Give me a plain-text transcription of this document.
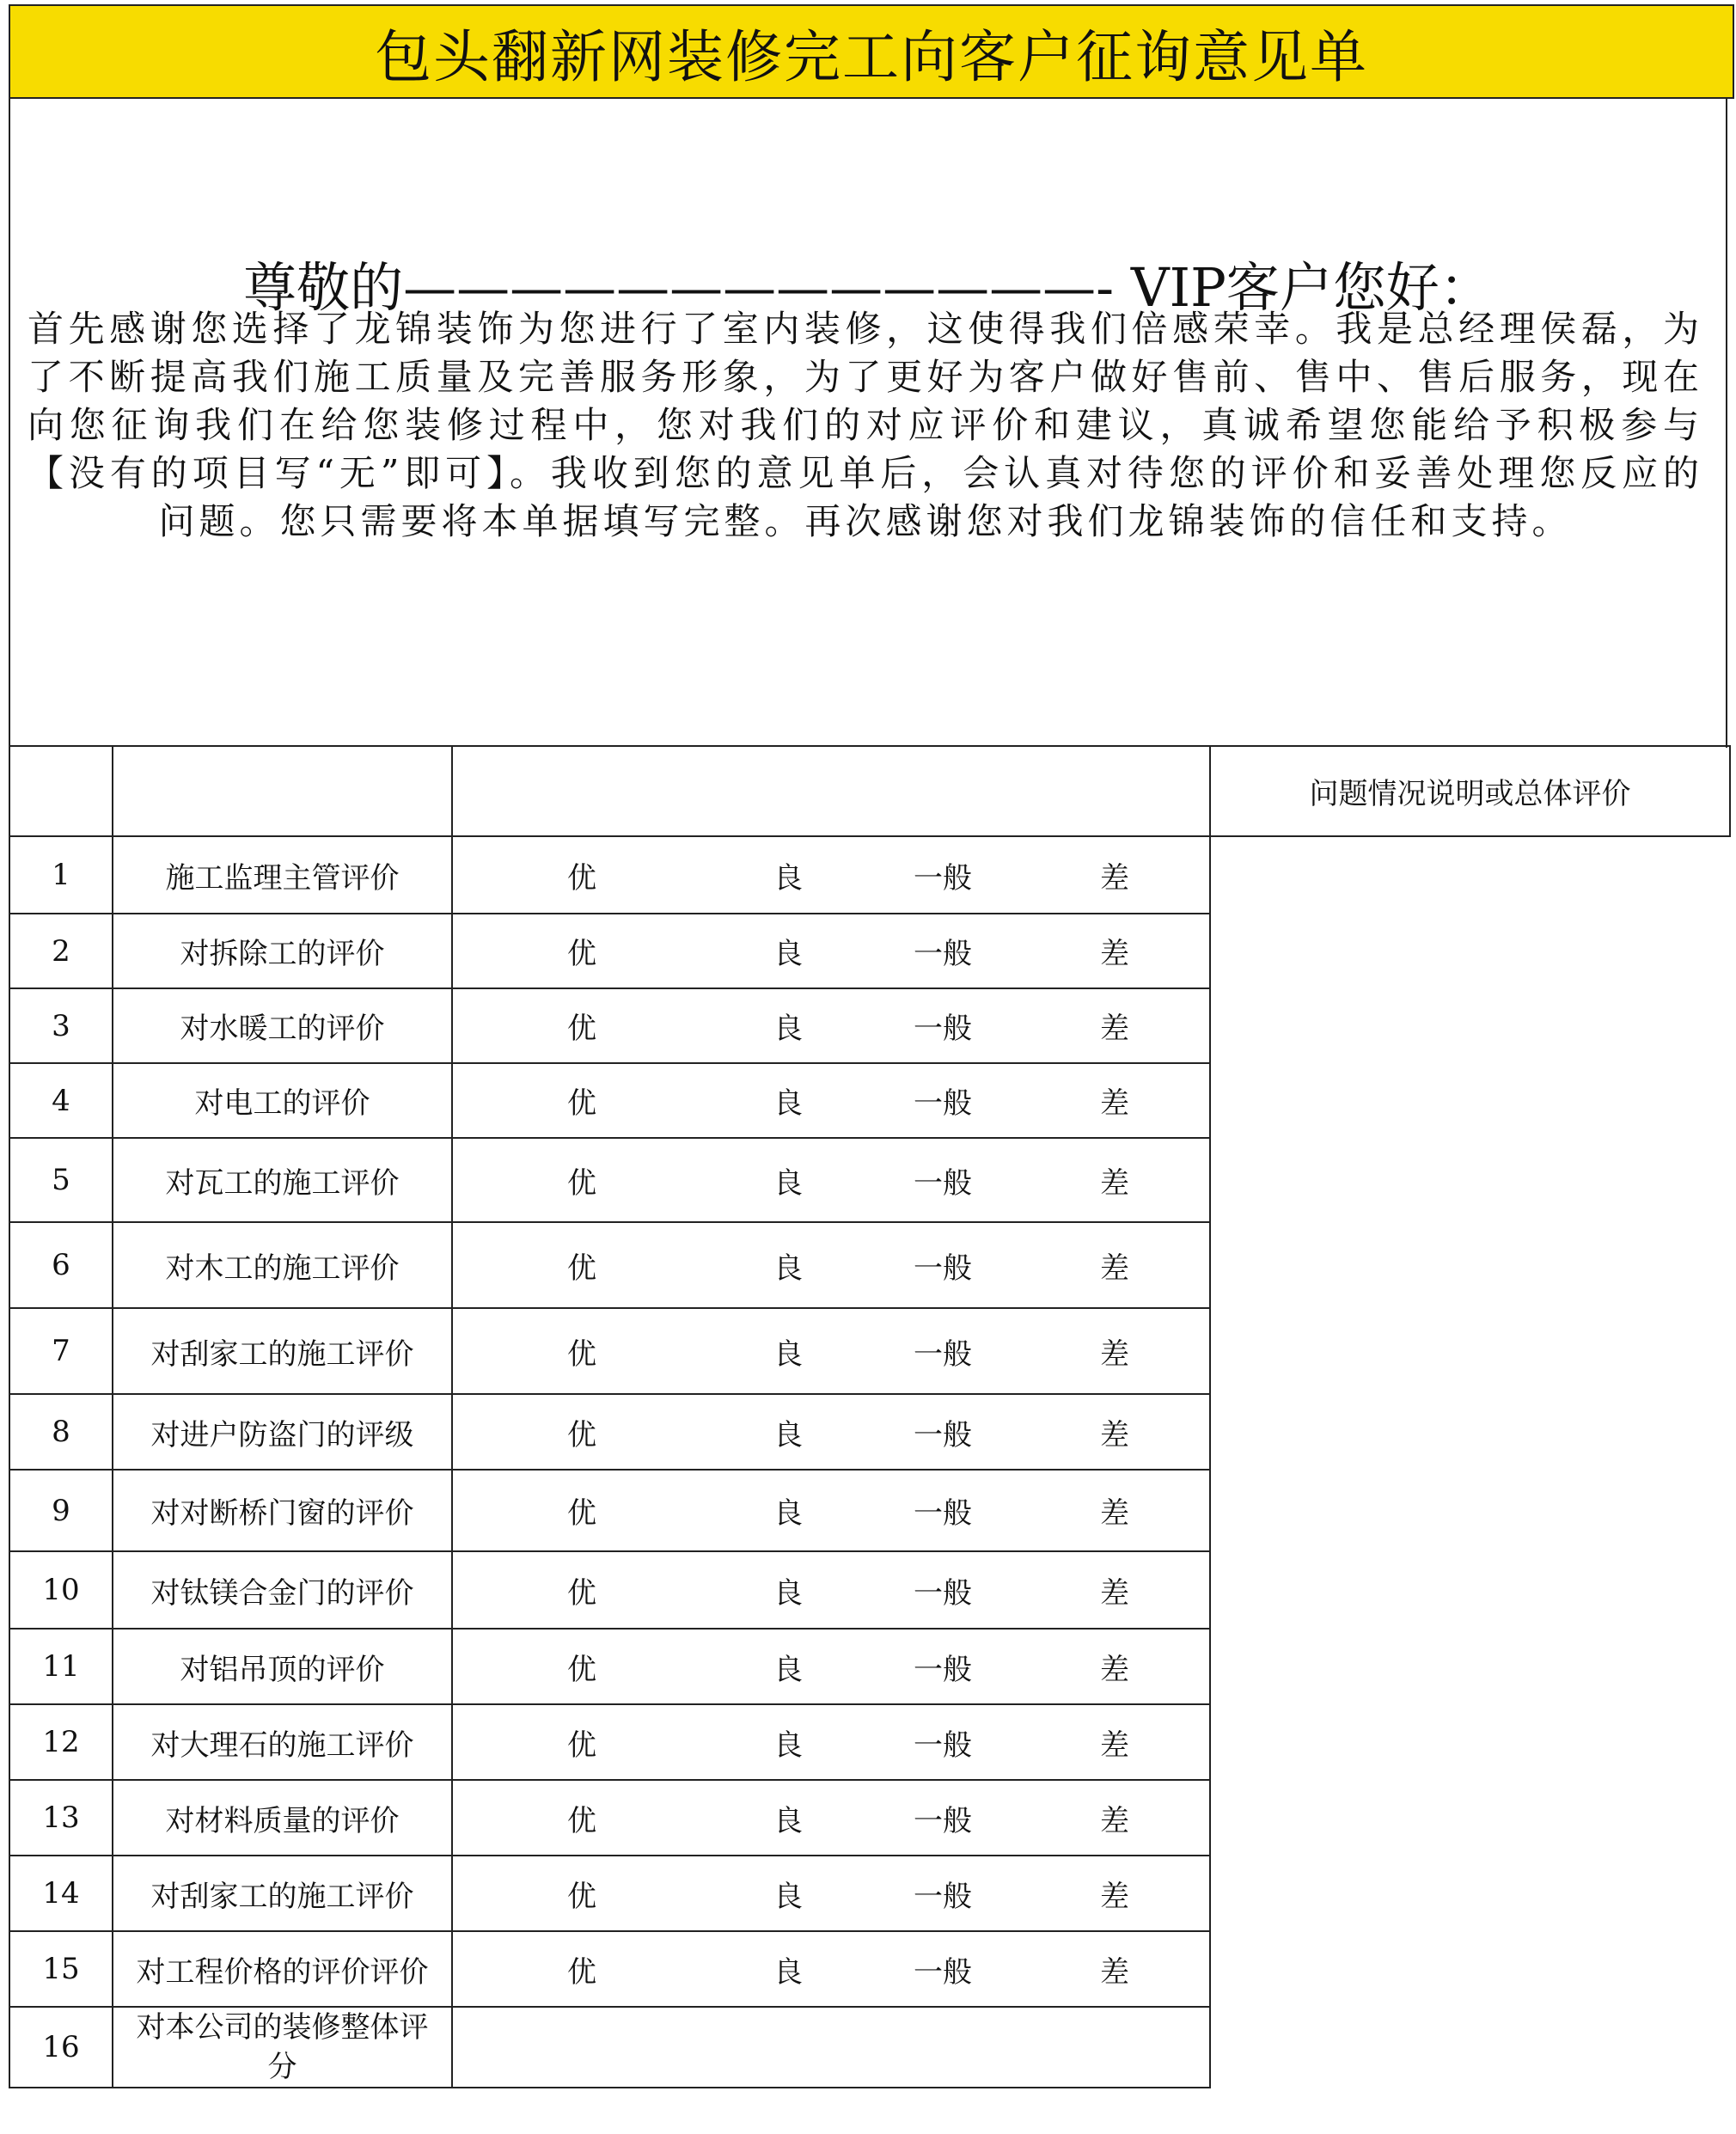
包头翻新网装修完工向客户征询意见单
尊敬的—————————————- VIP客户您好：
首先感谢您选择了龙锦装饰为您进行了室内装修，这使得我们倍感荣幸。我是总经理侯磊，为了不断提高我们施工质量及完善服务形象，为了更好为客户做好售前、售中、售后服务，现在向您征询我们在给您装修过程中，您对我们的对应评价和建议，真诚希望您能给予积极参与【没有的项目写“无”即可】。我收到您的意见单后，会认真对待您的评价和妥善处理您反应的问题。您只需要将本单据填写完整。再次感谢您对我们龙锦装饰的信任和支持。
			问题情况说明或总体评价
1	施工监理主管评价	优 良 一般 差	

2	对拆除工的评价	优 良 一般 差	

3	对水暖工的评价	优 良 一般 差	

4	对电工的评价	优 良 一般 差	

5	对瓦工的施工评价	优 良 一般 差	

6	对木工的施工评价	优 良 一般 差	

7	对刮家工的施工评价	优 良 一般 差	

8	对进户防盗门的评级	优 良 一般 差	

9	对对断桥门窗的评价	优 良 一般 差	

10	对钛镁合金门的评价	优 良 一般 差	

11	对铝吊顶的评价	优 良 一般 差	

12	对大理石的施工评价	优 良 一般 差	

13	对材料质量的评价	优 良 一般 差	

14	对刮家工的施工评价	优 良 一般 差	

15	对工程价格的评价评价	优 良 一般 差	

16	对本公司的装修整体评分		
